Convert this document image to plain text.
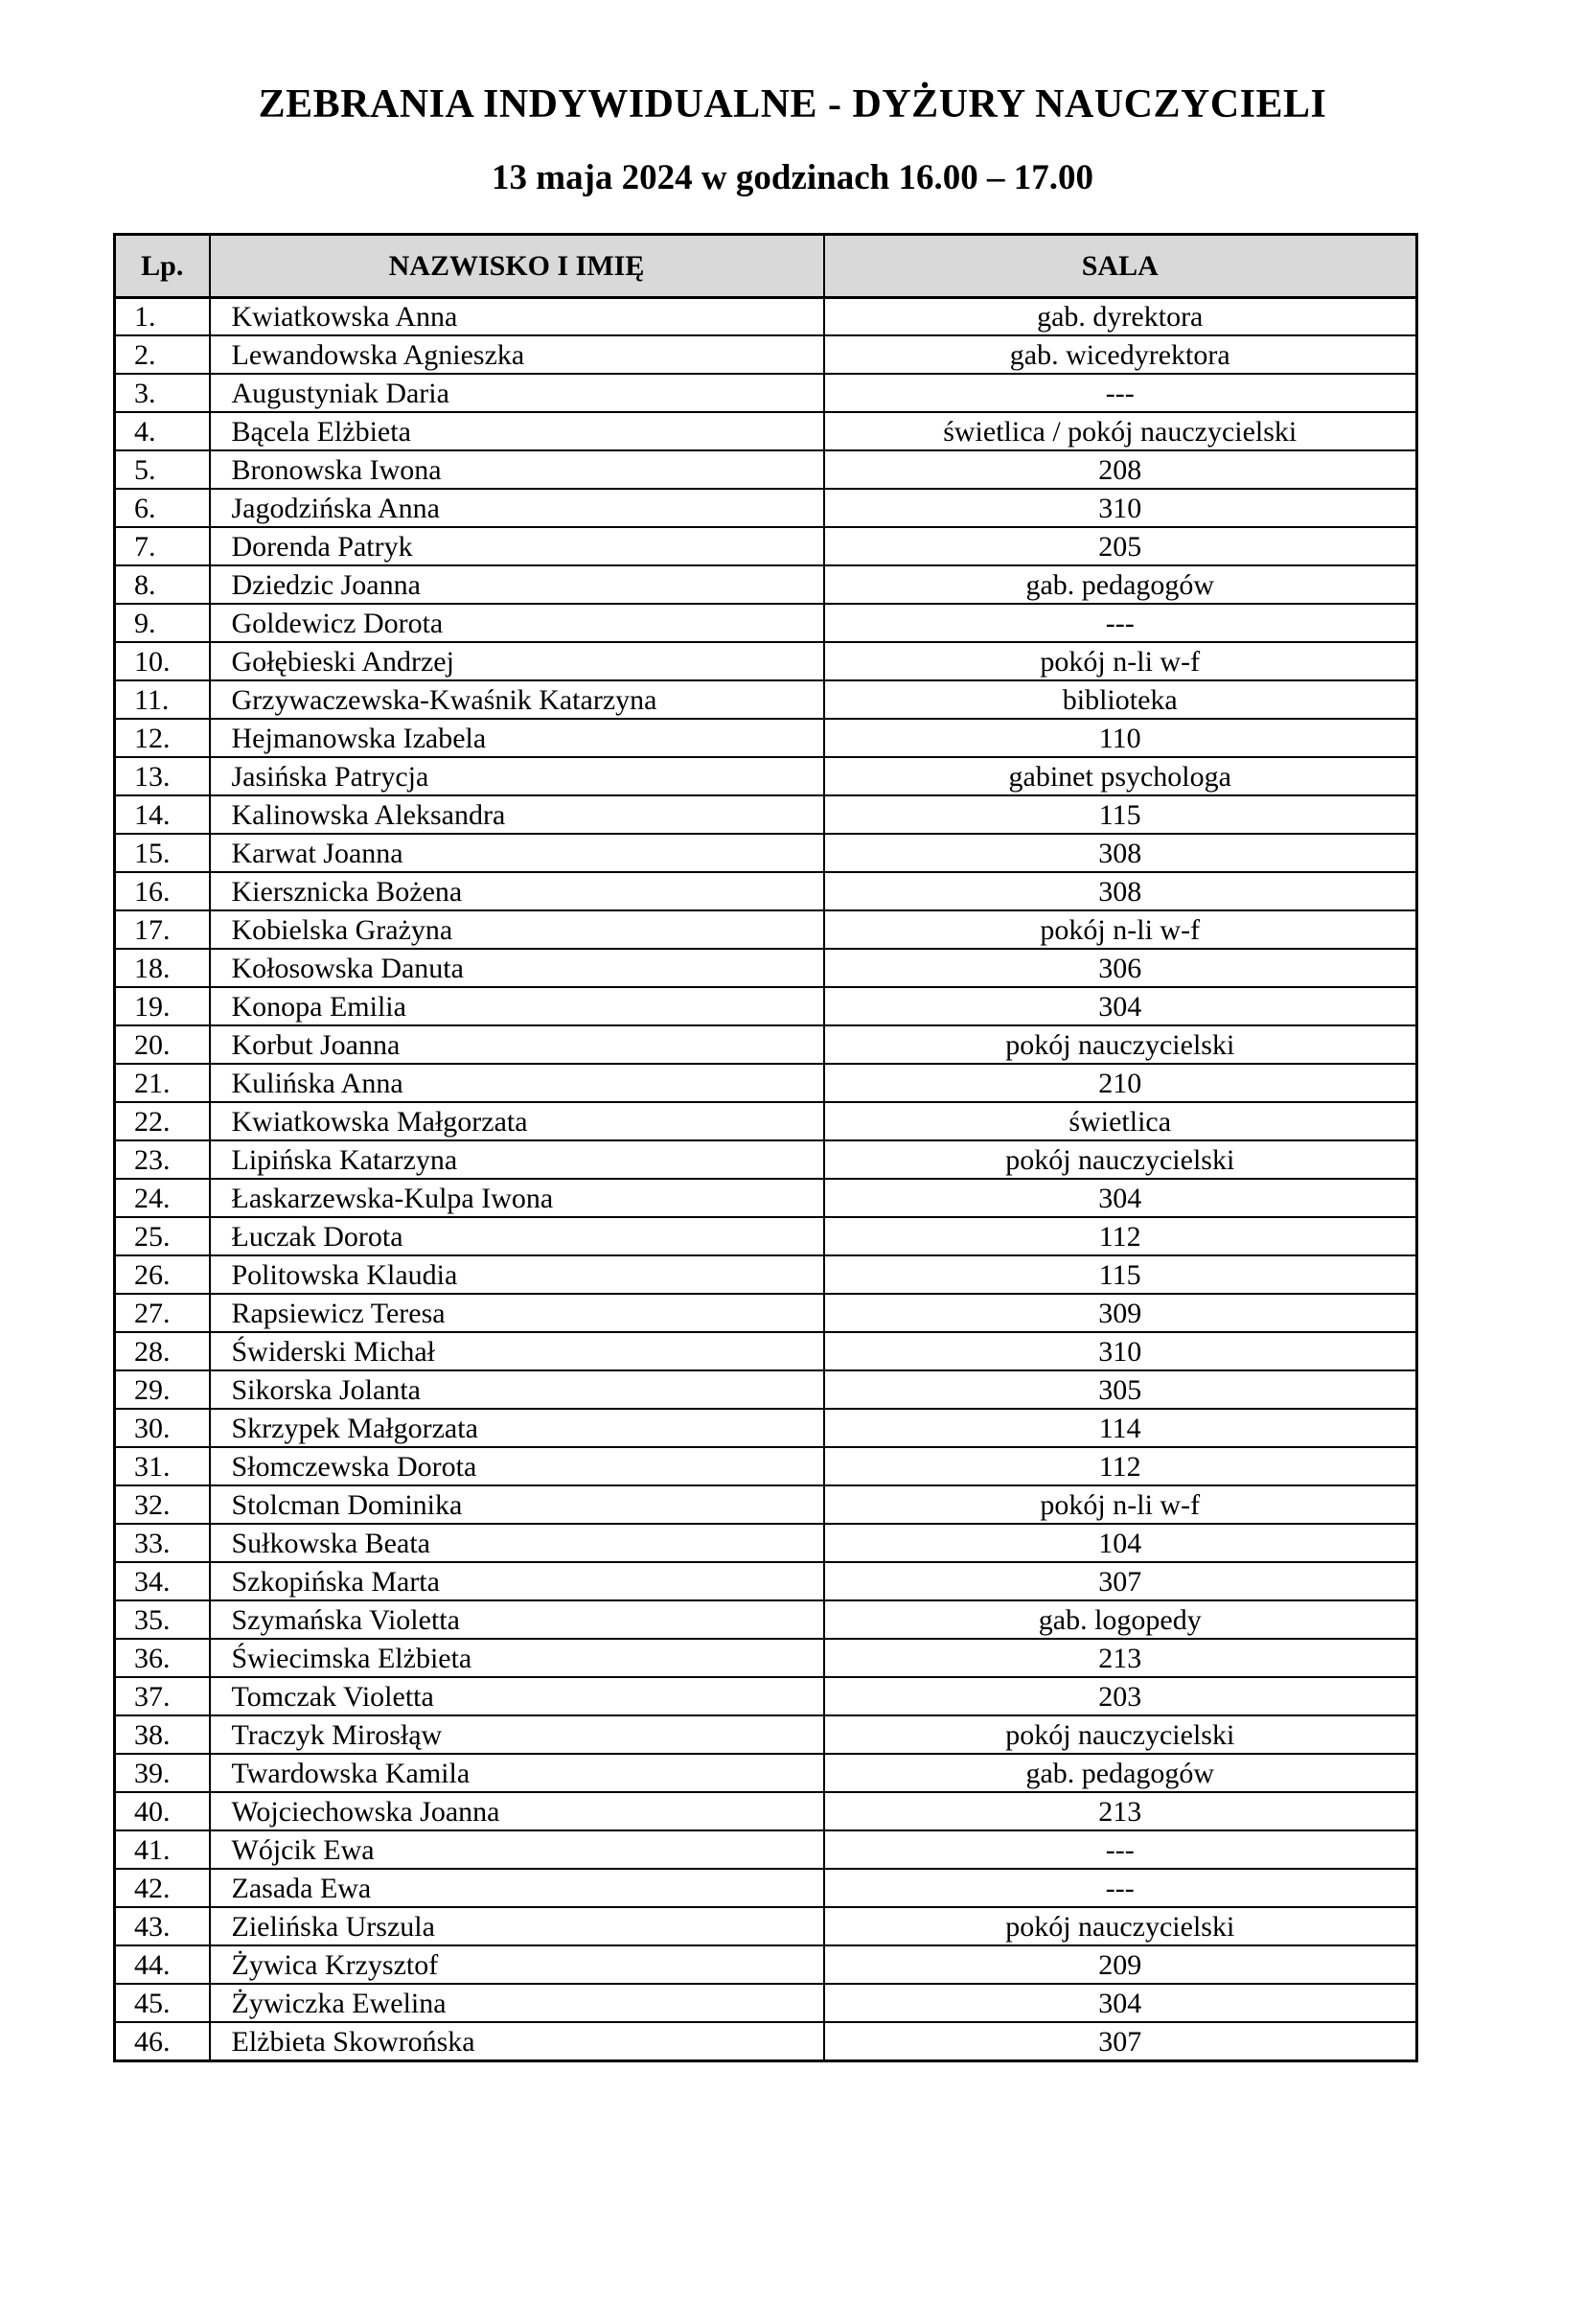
ZEBRANIA INDYWIDUALNE - DYŻURY NAUCZYCIELI
13 maja 2024 w godzinach 16.00 – 17.00
Lp.	NAZWISKO I IMIĘ	SALA
1.	Kwiatkowska Anna	gab. dyrektora
2.	Lewandowska Agnieszka	gab. wicedyrektora
3.	Augustyniak Daria	---
4.	Bącela Elżbieta	świetlica / pokój nauczycielski
5.	Bronowska Iwona	208
6.	Jagodzińska Anna	310
7.	Dorenda Patryk	205
8.	Dziedzic Joanna	gab. pedagogów
9.	Goldewicz Dorota	---
10.	Gołębieski Andrzej	pokój n-li w-f
11.	Grzywaczewska-Kwaśnik Katarzyna	biblioteka
12.	Hejmanowska Izabela	110
13.	Jasińska Patrycja	gabinet psychologa
14.	Kalinowska Aleksandra	115
15.	Karwat Joanna	308
16.	Kiersznicka Bożena	308
17.	Kobielska Grażyna	pokój n-li w-f
18.	Kołosowska Danuta	306
19.	Konopa Emilia	304
20.	Korbut Joanna	pokój nauczycielski
21.	Kulińska Anna	210
22.	Kwiatkowska Małgorzata	świetlica
23.	Lipińska Katarzyna	pokój nauczycielski
24.	Łaskarzewska-Kulpa Iwona	304
25.	Łuczak Dorota	112
26.	Politowska Klaudia	115
27.	Rapsiewicz Teresa	309
28.	Świderski Michał	310
29.	Sikorska Jolanta	305
30.	Skrzypek Małgorzata	114
31.	Słomczewska Dorota	112
32.	Stolcman Dominika	pokój n-li w-f
33.	Sułkowska Beata	104
34.	Szkopińska Marta	307
35.	Szymańska Violetta	gab. logopedy
36.	Świecimska Elżbieta	213
37.	Tomczak Violetta	203
38.	Traczyk Mirosłąw	pokój nauczycielski
39.	Twardowska Kamila	gab. pedagogów
40.	Wojciechowska Joanna	213
41.	Wójcik Ewa	---
42.	Zasada Ewa	---
43.	Zielińska Urszula	pokój nauczycielski
44.	Żywica Krzysztof	209
45.	Żywiczka Ewelina	304
46.	Elżbieta Skowrońska	307
